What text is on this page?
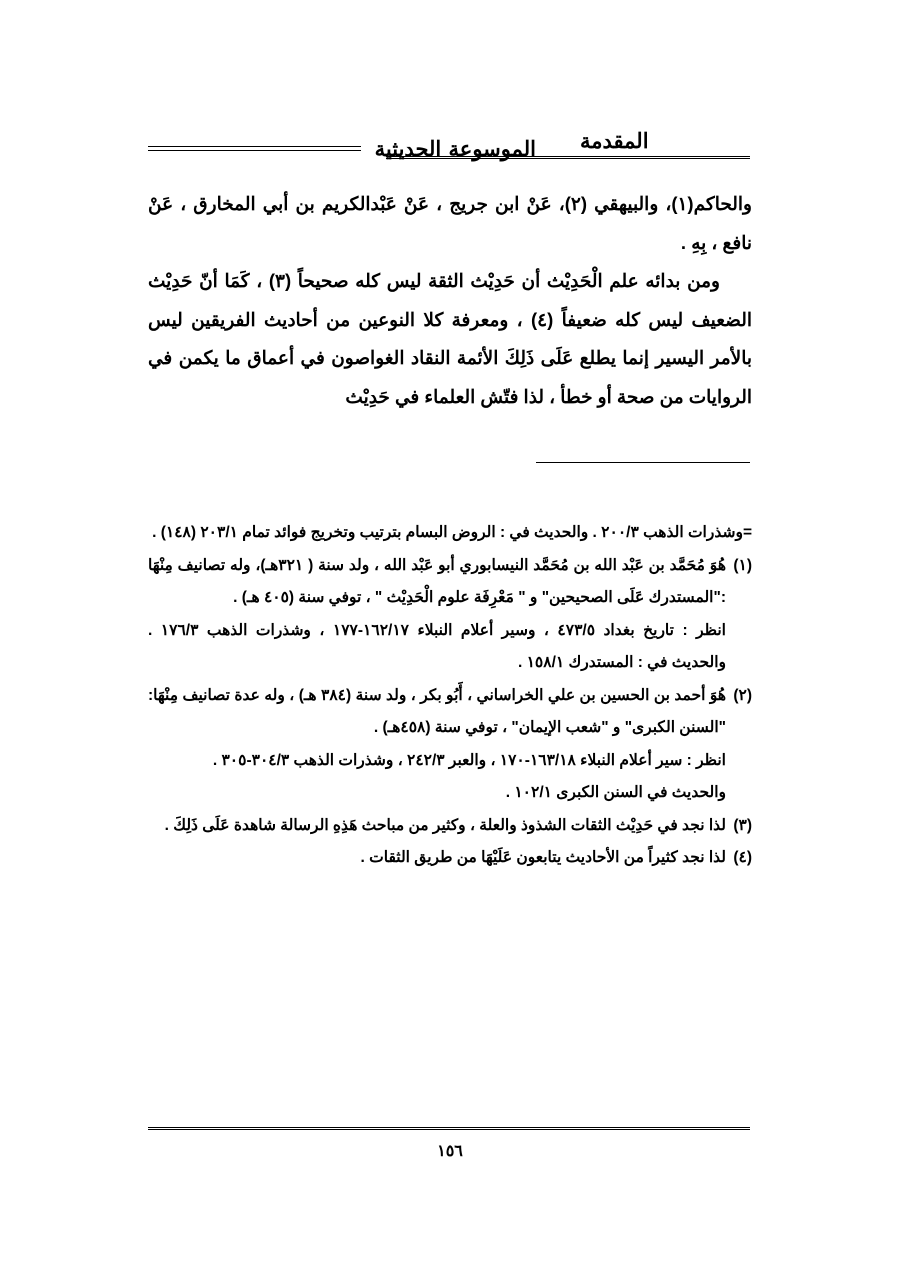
المقدمة
الموسوعة الحديثية

والحاكم(١)، والبيهقي (٢)، عَنْ ابن جريج ، عَنْ عَبْدالكريم بن أبي المخارق ، عَنْ نافع ، بِهِ .

ومن بدائه علم الْحَدِيْث أن حَدِيْث الثقة ليس كله صحيحاً (٣) ، كَمَا أنّ حَدِيْث الضعيف ليس كله ضعيفاً (٤) ، ومعرفة كلا النوعين من أحاديث الفريقين ليس بالأمر اليسير إنما يطلع عَلَى ذَلِكَ الأئمة النقاد الغواصون في أعماق ما يكمن في الروايات من صحة أو خطأ ، لذا فتّش العلماء في حَدِيْث

=وشذرات الذهب ٢٠٠/٣ . والحديث في : الروض البسام بترتيب وتخريج فوائد تمام ٢٠٣/١ (١٤٨) .

(١)

هُوَ مُحَمَّد بن عَبْد الله بن مُحَمَّد النيسابوري أبو عَبْد الله ، ولد سنة ( ٣٢١هـ)، وله تصانيف مِنْهَا :"المستدرك عَلَى الصحيحين" و " مَعْرِفَة علوم الْحَدِيْث " ، توفي سنة (٤٠٥ هـ) .

انظر : تاريخ بغداد ٤٧٣/٥ ، وسير أعلام النبلاء ١٦٢/١٧-١٧٧ ، وشذرات الذهب ١٧٦/٣ . والحديث في : المستدرك ١٥٨/١ .

(٢)

هُوَ أحمد بن الحسين بن علي الخراساني ، أَبُو بكر ، ولد سنة (٣٨٤ هـ) ، وله عدة تصانيف مِنْهَا: "السنن الكبرى" و "شعب الإيمان" ، توفي سنة (٤٥٨هـ) .

انظر : سير أعلام النبلاء ١٦٣/١٨-١٧٠ ، والعبر ٢٤٢/٣ ، وشذرات الذهب ٣٠٤/٣-٣٠٥ .

والحديث في السنن الكبرى ١٠٢/١ .

(٣)

لذا نجد في حَدِيْث الثقات الشذوذ والعلة ، وكثير من مباحث هَذِهِ الرسالة شاهدة عَلَى ذَلِكَ .

(٤)

لذا نجد كثيراً من الأحاديث يتابعون عَلَيْهَا من طريق الثقات .

١٥٦
